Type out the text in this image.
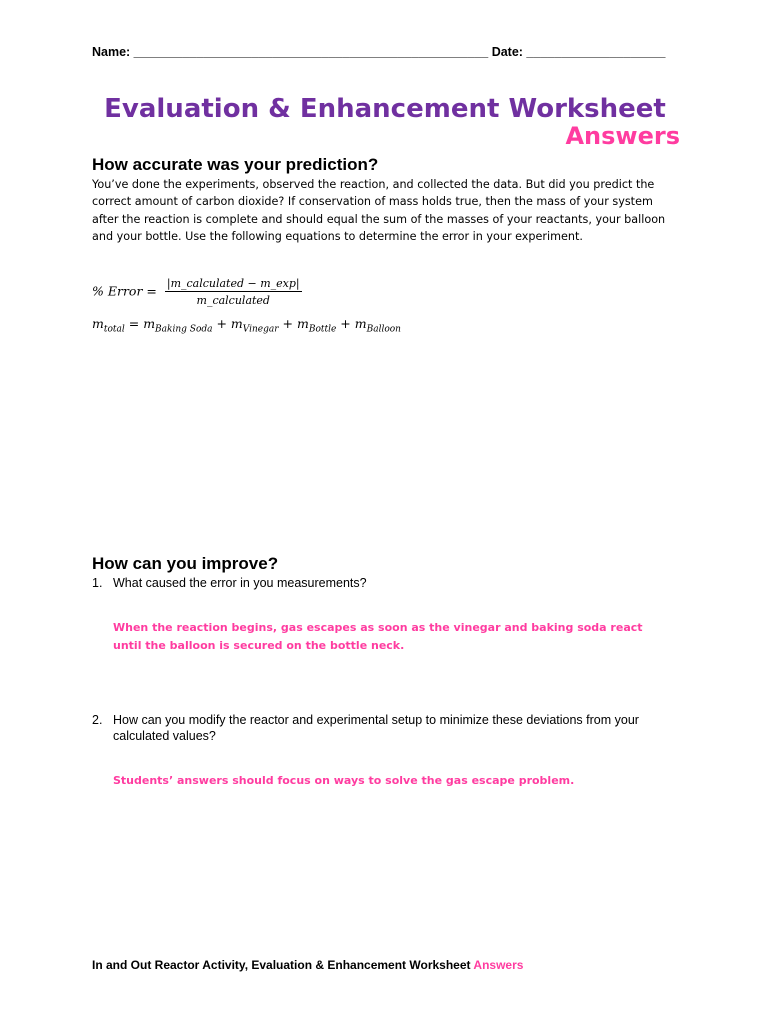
Name: ___________________________________________________ Date: ____________________
Evaluation & Enhancement Worksheet
Answers
How accurate was your prediction?
You’ve done the experiments, observed the reaction, and collected the data. But did you predict the correct amount of carbon dioxide? If conservation of mass holds true, then the mass of your system after the reaction is complete and should equal the sum of the masses of your reactants, your balloon and your bottle. Use the following equations to determine the error in your experiment.
% Error = $\frac{\text{|m\_calculated − m\_exp|}}{\text{m\_calculated}}$
$m_{total} = m_{Baking Soda} + m_{Vinegar} + m_{Bottle} + m_{Balloon}$
How can you improve?
1. What caused the error in you measurements?
When the reaction begins, gas escapes as soon as the vinegar and baking soda react until the balloon is secured on the bottle neck.
2. How can you modify the reactor and experimental setup to minimize these deviations from your calculated values?
Students’ answers should focus on ways to solve the gas escape problem.
In and Out Reactor Activity, Evaluation & Enhancement Worksheet Answers
